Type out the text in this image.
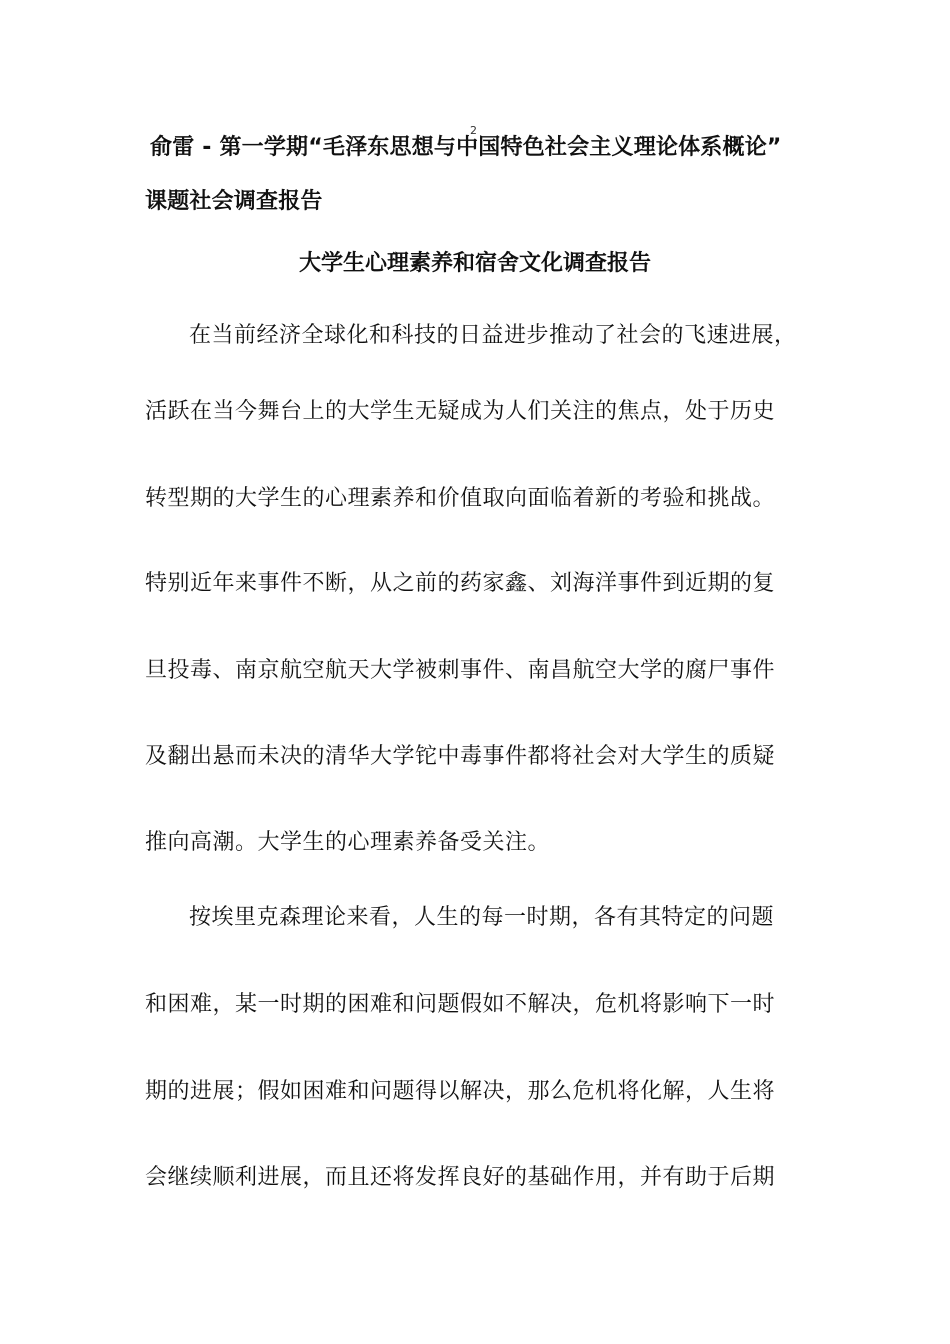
2
俞雷 - 第一学期“毛泽东思想与中国特色社会主义理论体系概论”
课题社会调查报告
大学生心理素养和宿舍文化调查报告
在当前经济全球化和科技的日益进步推动了社会的飞速进展，
活跃在当今舞台上的大学生无疑成为人们关注的焦点，处于历史
转型期的大学生的心理素养和价值取向面临着新的考验和挑战。
特别近年来事件不断，从之前的药家鑫、刘海洋事件到近期的复
旦投毒、南京航空航天大学被刺事件、南昌航空大学的腐尸事件
及翻出悬而未决的清华大学铊中毒事件都将社会对大学生的质疑
推向高潮。大学生的心理素养备受关注。
按埃里克森理论来看，人生的每一时期，各有其特定的问题
和困难，某一时期的困难和问题假如不解决，危机将影响下一时
期的进展；假如困难和问题得以解决，那么危机将化解，人生将
会继续顺利进展，而且还将发挥良好的基础作用，并有助于后期
